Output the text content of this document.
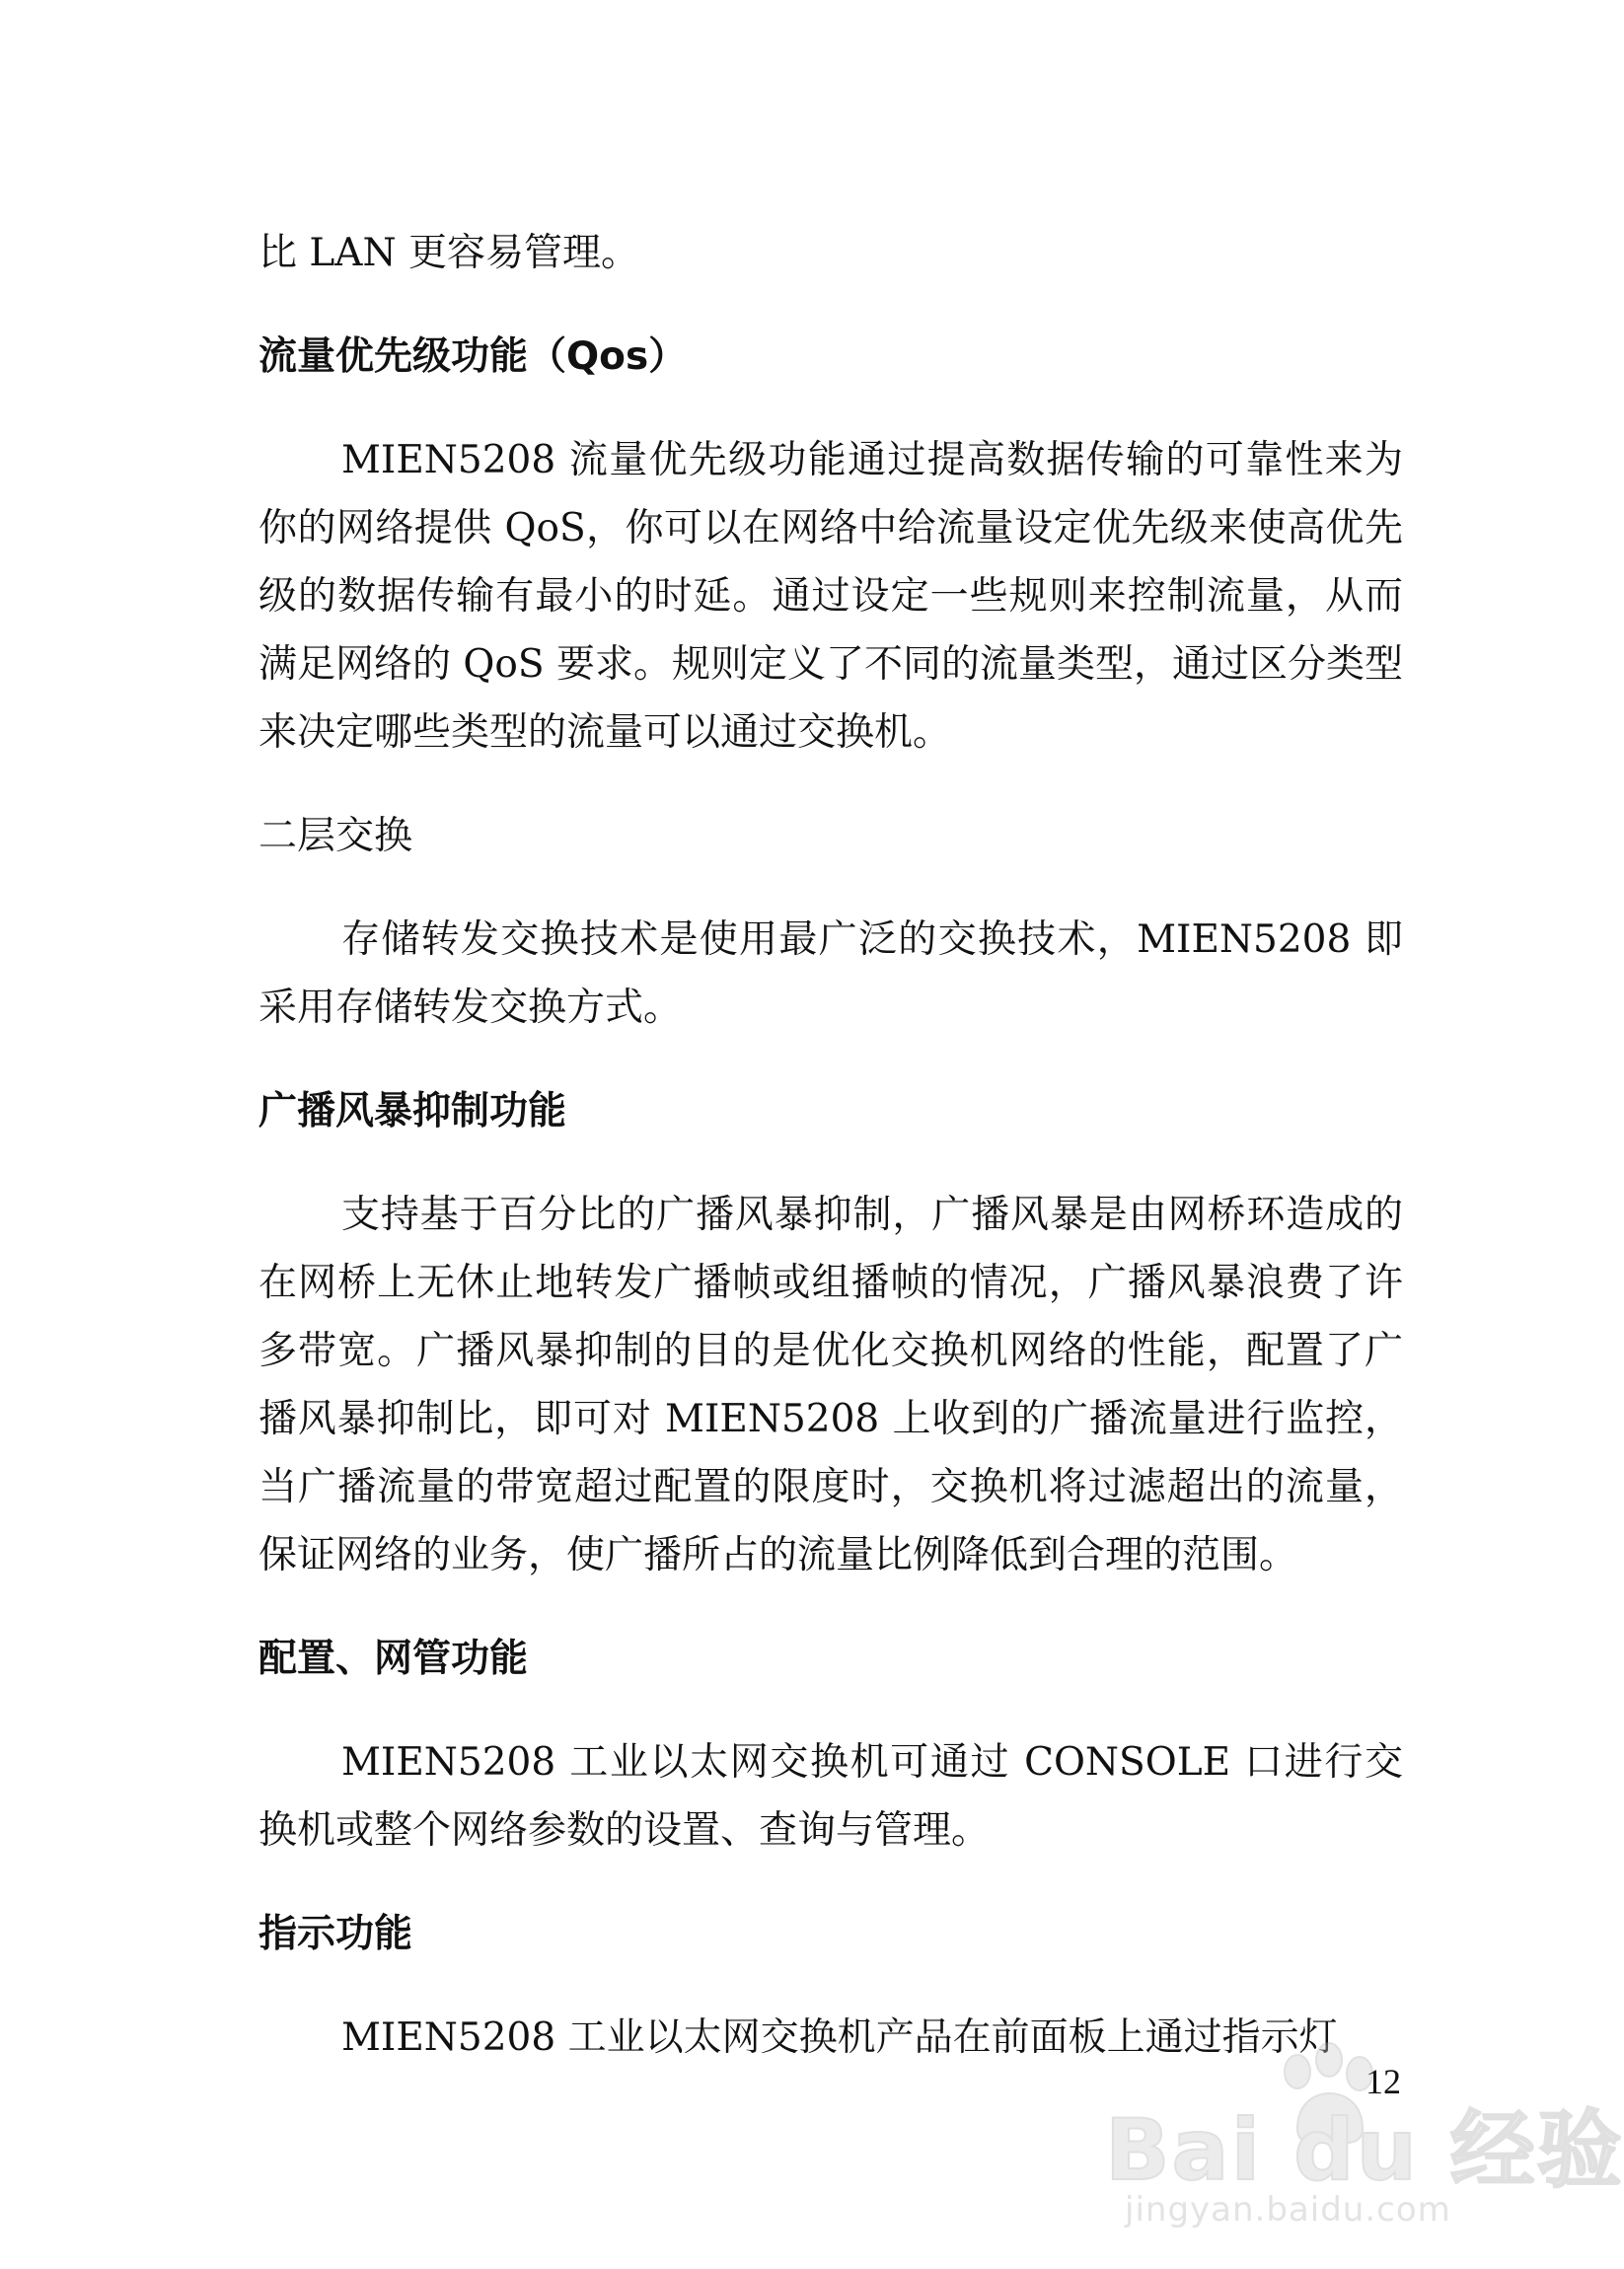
比 LAN 更容易管理。

流量优先级功能（Qos）

MIEN5208 流量优先级功能通过提高数据传输的可靠性来为你的网络提供 QoS，你可以在网络中给流量设定优先级来使高优先级的数据传输有最小的时延。通过设定一些规则来控制流量，从而满足网络的 QoS 要求。规则定义了不同的流量类型，通过区分类型来决定哪些类型的流量可以通过交换机。

二层交换

存储转发交换技术是使用最广泛的交换技术，MIEN5208 即采用存储转发交换方式。

广播风暴抑制功能

支持基于百分比的广播风暴抑制，广播风暴是由网桥环造成的在网桥上无休止地转发广播帧或组播帧的情况，广播风暴浪费了许多带宽。广播风暴抑制的目的是优化交换机网络的性能，配置了广播风暴抑制比，即可对 MIEN5208 上收到的广播流量进行监控，当广播流量的带宽超过配置的限度时，交换机将过滤超出的流量，保证网络的业务，使广播所占的流量比例降低到合理的范围。

配置、网管功能

MIEN5208 工业以太网交换机可通过 CONSOLE 口进行交换机或整个网络参数的设置、查询与管理。

指示功能

MIEN5208 工业以太网交换机产品在前面板上通过指示灯

12
Bai du 经验
jingyan.baidu.com
